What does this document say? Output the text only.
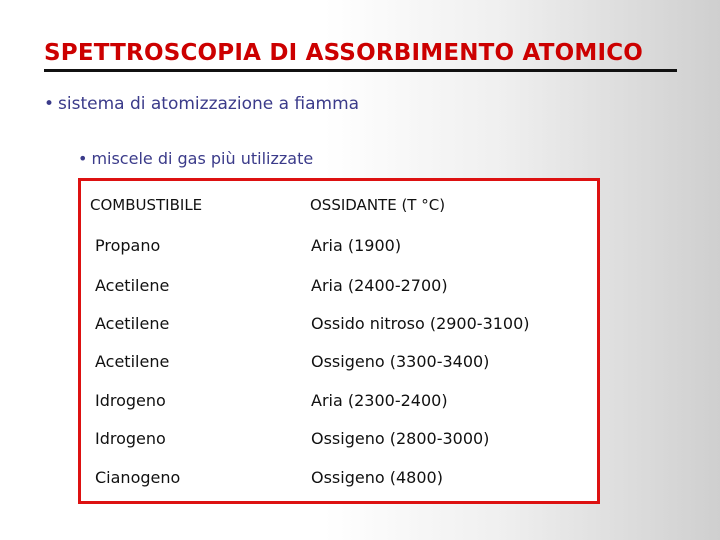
SPETTROSCOPIA DI ASSORBIMENTO ATOMICO
• sistema di atomizzazione a fiamma
• miscele di gas più utilizzate
COMBUSTIBILE	OSSIDANTE (T °C)
Propano	Aria (1900)
Acetilene	Aria (2400-2700)
Acetilene	Ossido nitroso (2900-3100)
Acetilene	Ossigeno (3300-3400)
Idrogeno	Aria (2300-2400)
Idrogeno	Ossigeno (2800-3000)
Cianogeno	Ossigeno (4800)
